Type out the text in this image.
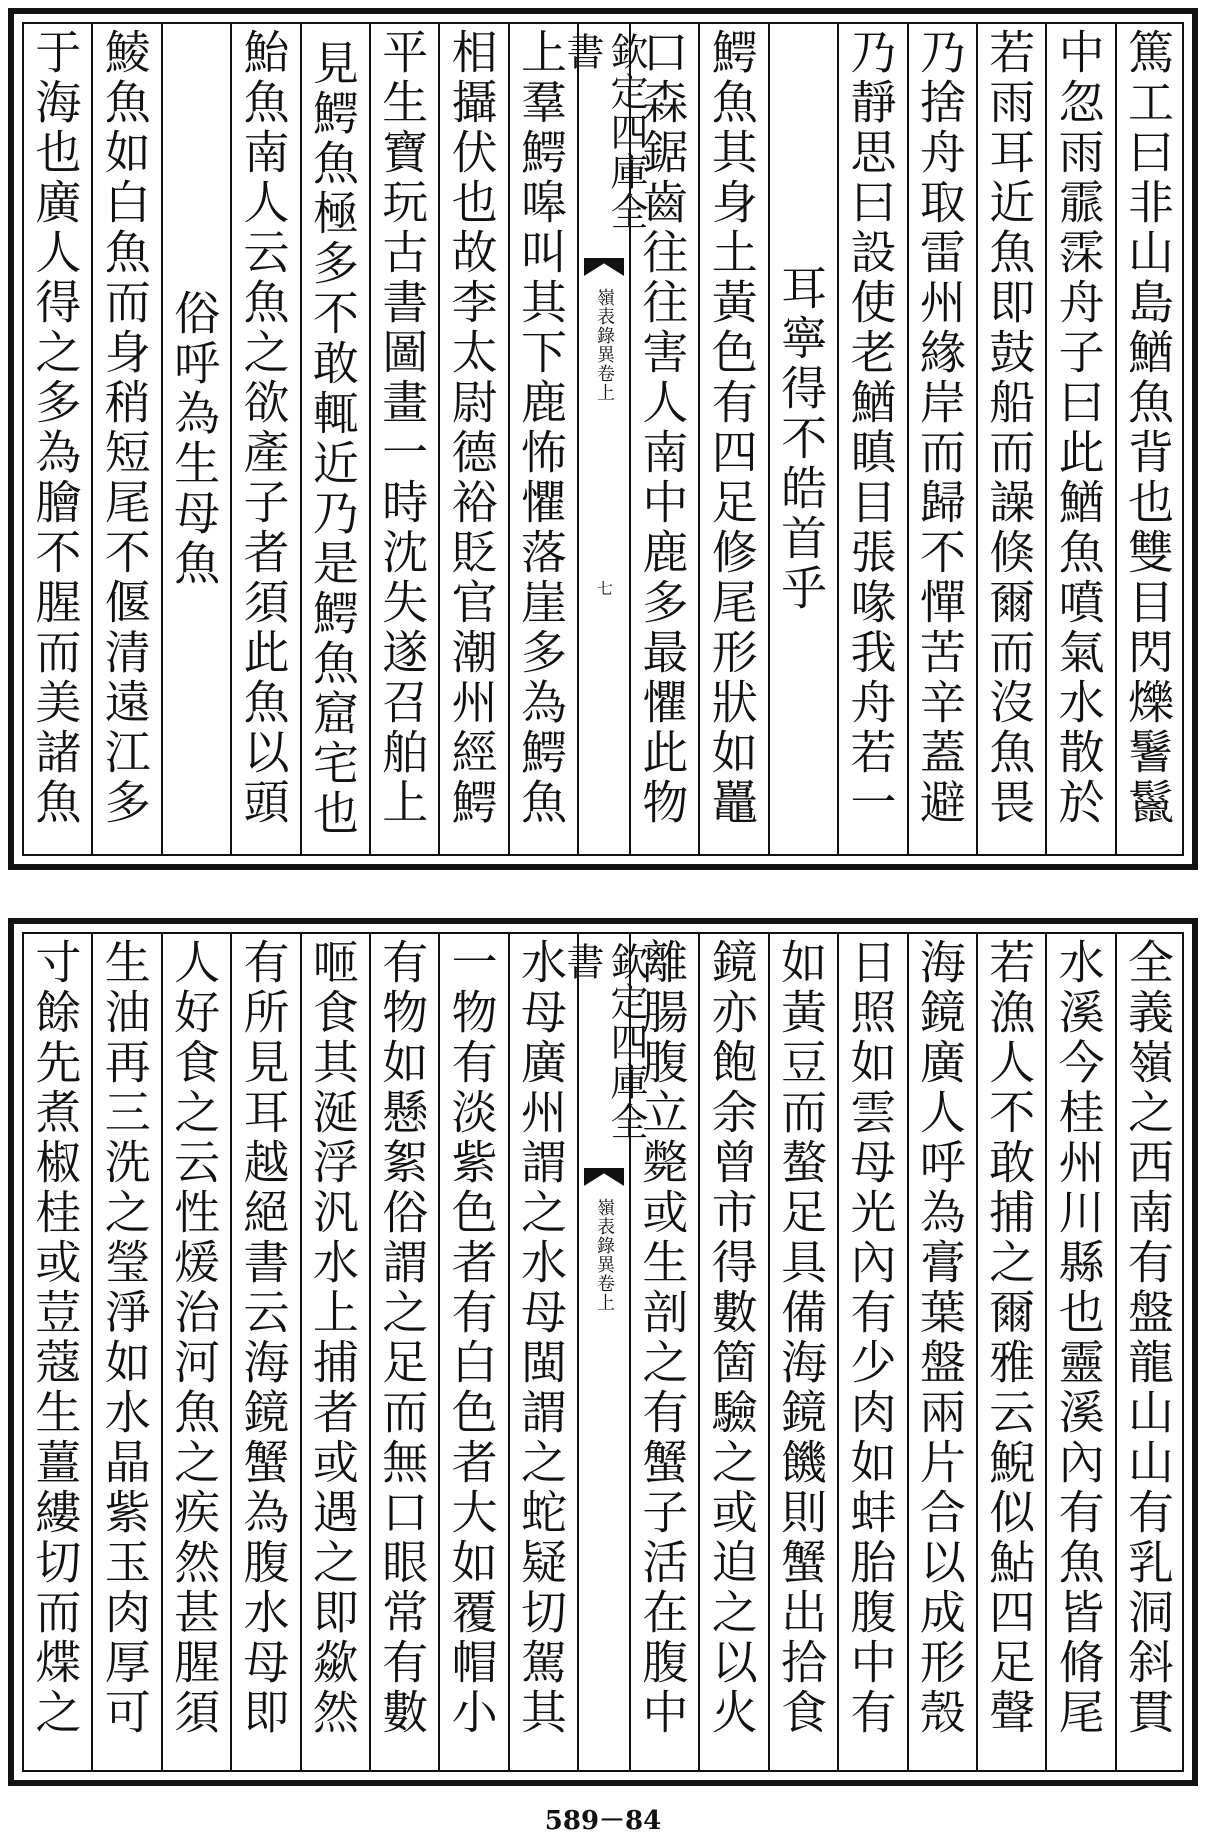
篤工曰非山島鰌魚背也雙目閃爍鬐鬣
中忽雨霢霂舟子曰此鰌魚噴氣水散於
若雨耳近魚即鼓船而譟倏爾而沒魚畏
乃捨舟取雷州緣岸而歸不憚苦辛蓋避
乃靜思曰設使老鰌瞋目張喙我舟若一
耳寧得不皓首乎
鰐魚其身土黃色有四足修尾形狀如鼉
口森鋸齒往往害人南中鹿多最懼此物
欽定四庫全書
嶺表錄異卷上
七
上羣鰐嗥叫其下鹿怖懼落崖多為鰐魚
相攝伏也故李太尉德裕貶官潮州經鰐
平生寶玩古書圖畫一時沈失遂召舶上
見鰐魚極多不敢輒近乃是鰐魚窟宅也
鮐魚南人云魚之欲產子者須此魚以頭
俗呼為生母魚
鯪魚如白魚而身稍短尾不偃清遠江多
于海也廣人得之多為膾不腥而美諸魚
全義嶺之西南有盤龍山山有乳洞斜貫
水溪今桂州川縣也靈溪內有魚皆脩尾
若漁人不敢捕之爾雅云鯢似鮎四足聲
海鏡廣人呼為膏葉盤兩片合以成形殼
日照如雲母光內有少肉如蚌胎腹中有
如黃豆而螯足具備海鏡饑則蟹出拾食
鏡亦飽余曾市得數箇驗之或迫之以火
離腸腹立斃或生剖之有蟹子活在腹中
欽定四庫全書
嶺表錄異卷上
水母廣州謂之水母閩謂之蛇疑切駕其
一物有淡紫色者有白色者大如覆帽小
有物如懸絮俗謂之足而無口眼常有數
咂食其涎浮汎水上捕者或遇之即歘然
有所見耳越絕書云海鏡蟹為腹水母即
人好食之云性煖治河魚之疾然甚腥須
生油再三洗之瑩淨如水晶紫玉肉厚可
寸餘先煮椒桂或荳蔻生薑縷切而煠之
589－84
